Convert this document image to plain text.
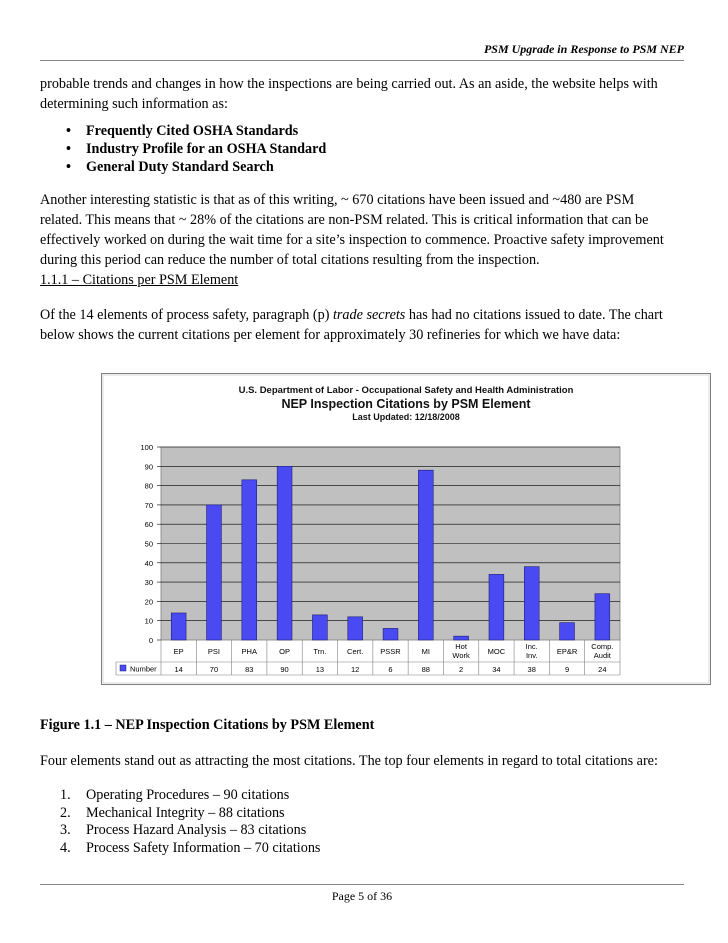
PSM Upgrade in Response to PSM NEP
probable trends and changes in how the inspections are being carried out. As an aside, the website helps with
determining such information as:
• Frequently Cited OSHA Standards
• Industry Profile for an OSHA Standard
• General Duty Standard Search
Another interesting statistic is that as of this writing, ~ 670 citations have been issued and ~480 are PSM
related. This means that ~ 28% of the citations are non-PSM related. This is critical information that can be
effectively worked on during the wait time for a site’s inspection to commence. Proactive safety improvement
during this period can reduce the number of total citations resulting from the inspection.
1.1.1 – Citations per PSM Element
Of the 14 elements of process safety, paragraph (p) trade secrets has had no citations issued to date. The chart
below shows the current citations per element for approximately 30 refineries for which we have data:
U.S. Department of Labor - Occupational Safety and Health Administration
NEP Inspection Citations by PSM Element
Last Updated: 12/18/2008
0
10
20
30
40
50
60
70
80
90
100
EP
14
PSI
70
PHA
83
OP
90
Trn.
13
Cert.
12
PSSR
6
MI
88
Hot
Work
2
MOC
34
Inc.
Inv.
38
EP&R
9
Comp.
Audit
24
Number
Figure 1.1 – NEP Inspection Citations by PSM Element
Four elements stand out as attracting the most citations. The top four elements in regard to total citations are:
1. Operating Procedures – 90 citations
2. Mechanical Integrity – 88 citations
3. Process Hazard Analysis – 83 citations
4. Process Safety Information – 70 citations
Page 5 of 36
